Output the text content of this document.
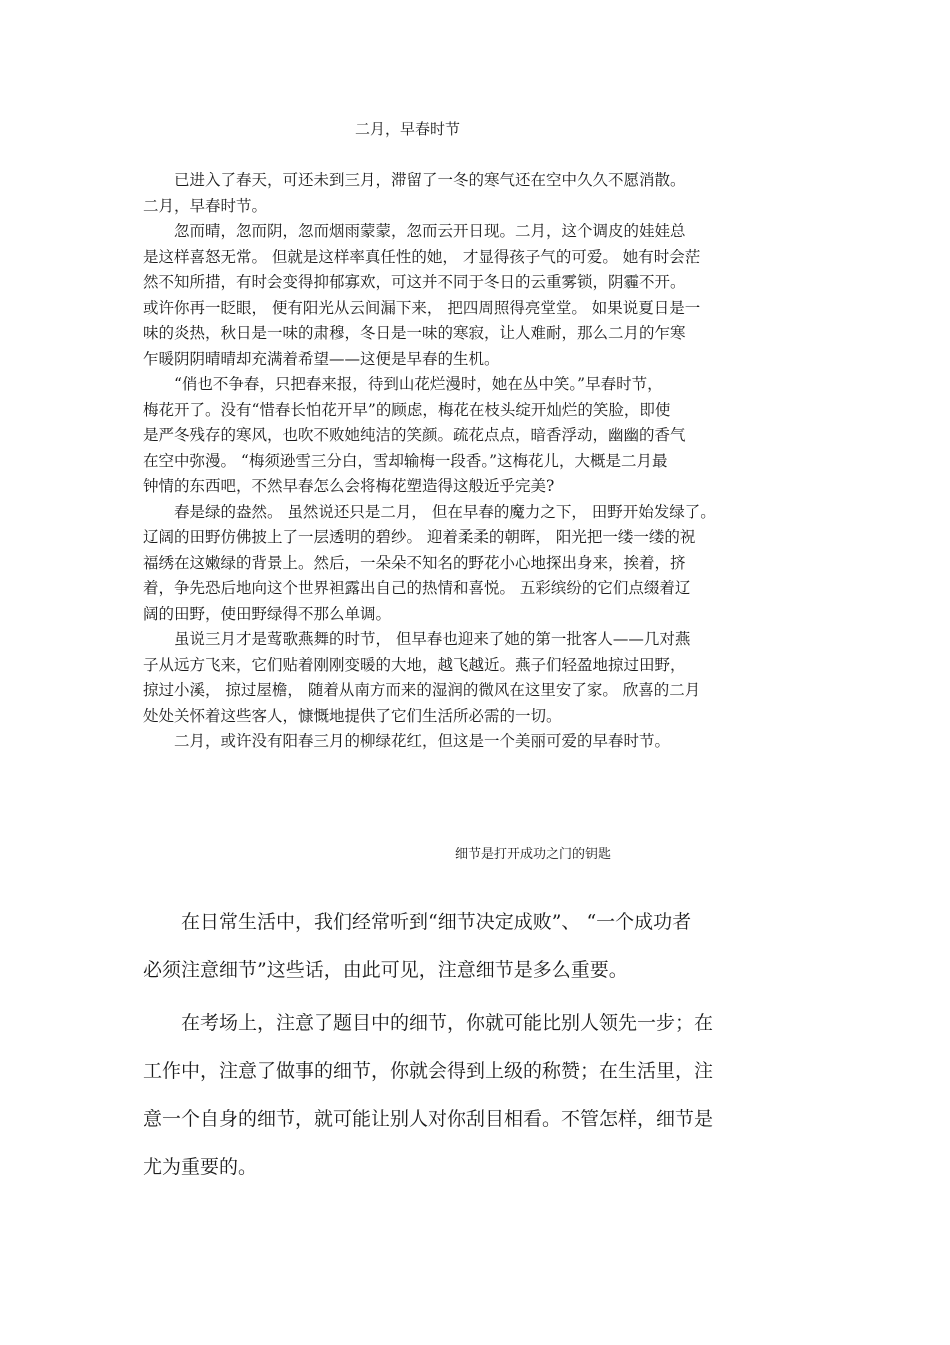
二月，早春时节
　　已进入了春天，可还未到三月，滞留了一冬的寒气还在空中久久不愿消散。
二月，早春时节。
　　忽而晴，忽而阴，忽而烟雨蒙蒙，忽而云开日现。二月，这个调皮的娃娃总
是这样喜怒无常。 但就是这样率真任性的她， 才显得孩子气的可爱。 她有时会茫
然不知所措，有时会变得抑郁寡欢，可这并不同于冬日的云重雾锁，阴霾不开。
或许你再一眨眼， 便有阳光从云间漏下来， 把四周照得亮堂堂。 如果说夏日是一
味的炎热，秋日是一味的肃穆，冬日是一味的寒寂，让人难耐，那么二月的乍寒
乍暖阴阴晴晴却充满着希望——这便是早春的生机。
　　“俏也不争春，只把春来报，待到山花烂漫时，她在丛中笑。”早春时节，
梅花开了。没有“惜春长怕花开早”的顾虑，梅花在枝头绽开灿烂的笑脸，即使
是严冬残存的寒风，也吹不败她纯洁的笑颜。疏花点点，暗香浮动，幽幽的香气
在空中弥漫。 “梅须逊雪三分白，雪却输梅一段香。”这梅花儿，大概是二月最
钟情的东西吧，不然早春怎么会将梅花塑造得这般近乎完美?
　　春是绿的盎然。 虽然说还只是二月， 但在早春的魔力之下， 田野开始发绿了。
辽阔的田野仿佛披上了一层透明的碧纱。 迎着柔柔的朝晖， 阳光把一缕一缕的祝
福绣在这嫩绿的背景上。然后，一朵朵不知名的野花小心地探出身来，挨着，挤
着，争先恐后地向这个世界袒露出自己的热情和喜悦。 五彩缤纷的它们点缀着辽
阔的田野，使田野绿得不那么单调。
　　虽说三月才是莺歌燕舞的时节， 但早春也迎来了她的第一批客人——几对燕
子从远方飞来，它们贴着刚刚变暖的大地，越飞越近。燕子们轻盈地掠过田野，
掠过小溪， 掠过屋檐， 随着从南方而来的湿润的微风在这里安了家。 欣喜的二月
处处关怀着这些客人，慷慨地提供了它们生活所必需的一切。
　　二月，或许没有阳春三月的柳绿花红，但这是一个美丽可爱的早春时节。
细节是打开成功之门的钥匙
　　在日常生活中，我们经常听到“细节决定成败”、 “一个成功者
必须注意细节”这些话，由此可见，注意细节是多么重要。
　　在考场上，注意了题目中的细节，你就可能比别人领先一步；在
工作中，注意了做事的细节，你就会得到上级的称赞；在生活里，注
意一个自身的细节，就可能让别人对你刮目相看。不管怎样，细节是
尤为重要的。
